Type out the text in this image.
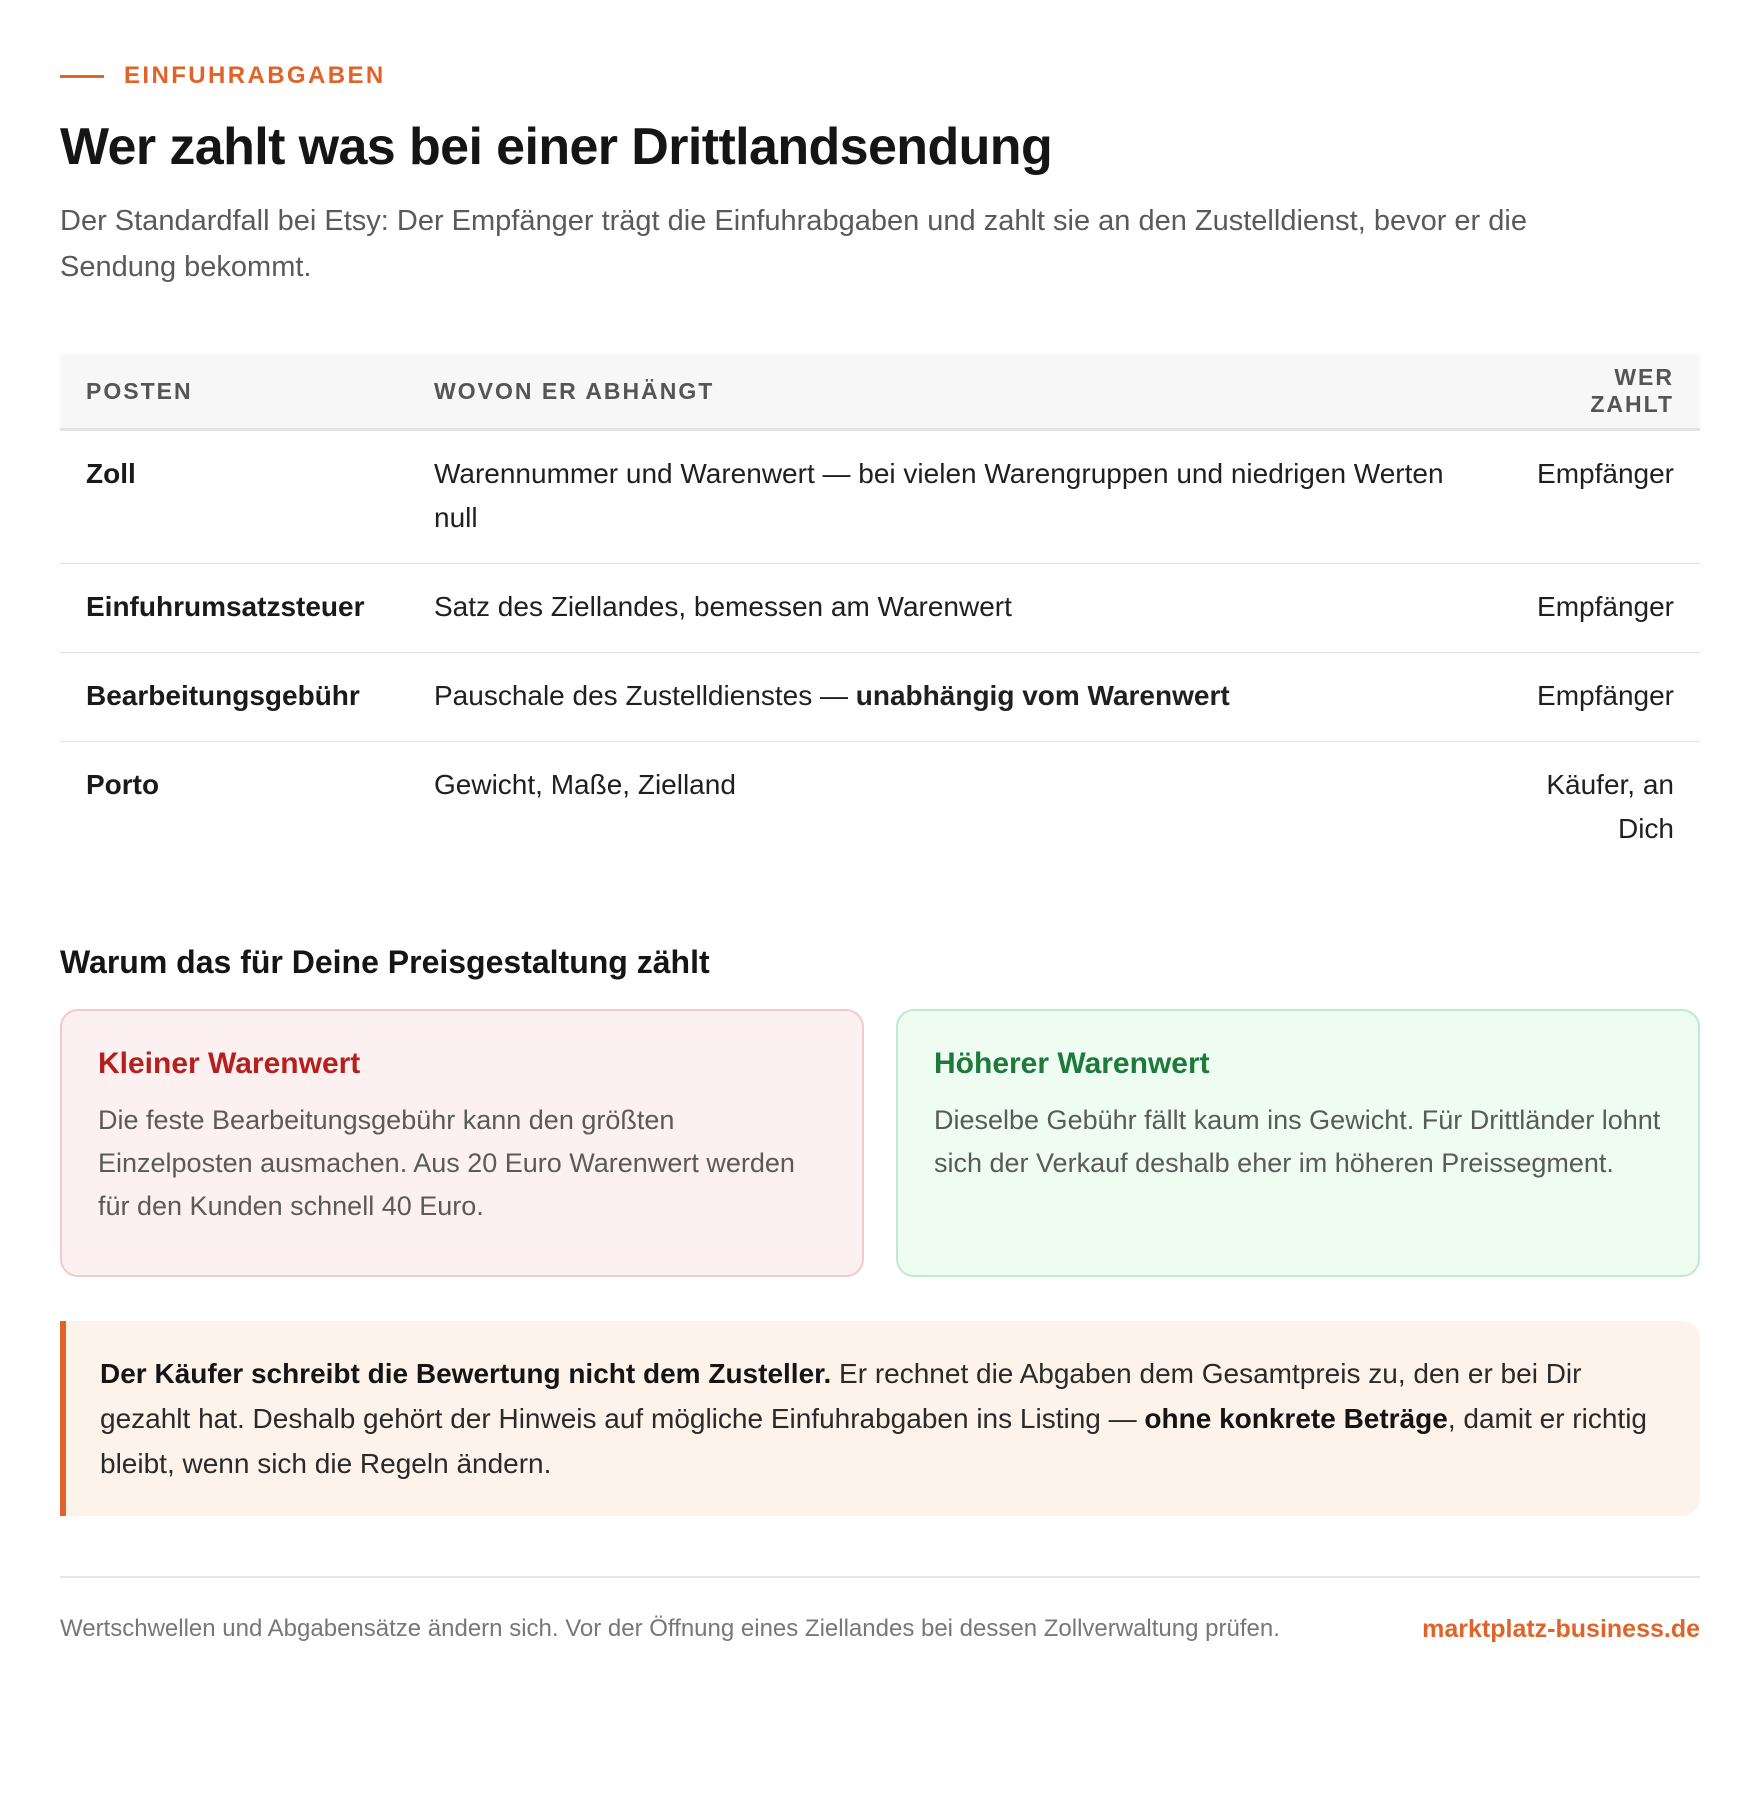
EINFUHRABGABEN
Wer zahlt was bei einer Drittlandsendung

Der Standardfall bei Etsy: Der Empfänger trägt die Einfuhrabgaben und zahlt sie an den Zustelldienst, bevor er die Sendung bekommt.

POSTEN	WOVON ER ABHÄNGT	WER ZAHLT
Zoll	Warennummer und Warenwert — bei vielen Warengruppen und niedrigen Werten null	Empfänger
Einfuhrumsatzsteuer	Satz des Ziellandes, bemessen am Warenwert	Empfänger
Bearbeitungsgebühr	Pauschale des Zustelldienstes — unabhängig vom Warenwert	Empfänger
Porto	Gewicht, Maße, Zielland	Käufer, an Dich
Warum das für Deine Preisgestaltung zählt
Kleiner Warenwert
Die feste Bearbeitungsgebühr kann den größten Einzelposten ausmachen. Aus 20 Euro Warenwert werden für den Kunden schnell 40 Euro.
Höherer Warenwert
Dieselbe Gebühr fällt kaum ins Gewicht. Für Drittländer lohnt sich der Verkauf deshalb eher im höheren Preissegment.
Der Käufer schreibt die Bewertung nicht dem Zusteller. Er rechnet die Abgaben dem Gesamtpreis zu, den er bei Dir gezahlt hat. Deshalb gehört der Hinweis auf mögliche Einfuhrabgaben ins Listing — ohne konkrete Beträge, damit er richtig bleibt, wenn sich die Regeln ändern.
Wertschwellen und Abgabensätze ändern sich. Vor der Öffnung eines Ziellandes bei dessen Zollverwaltung prüfen.	marktplatz-business.de
